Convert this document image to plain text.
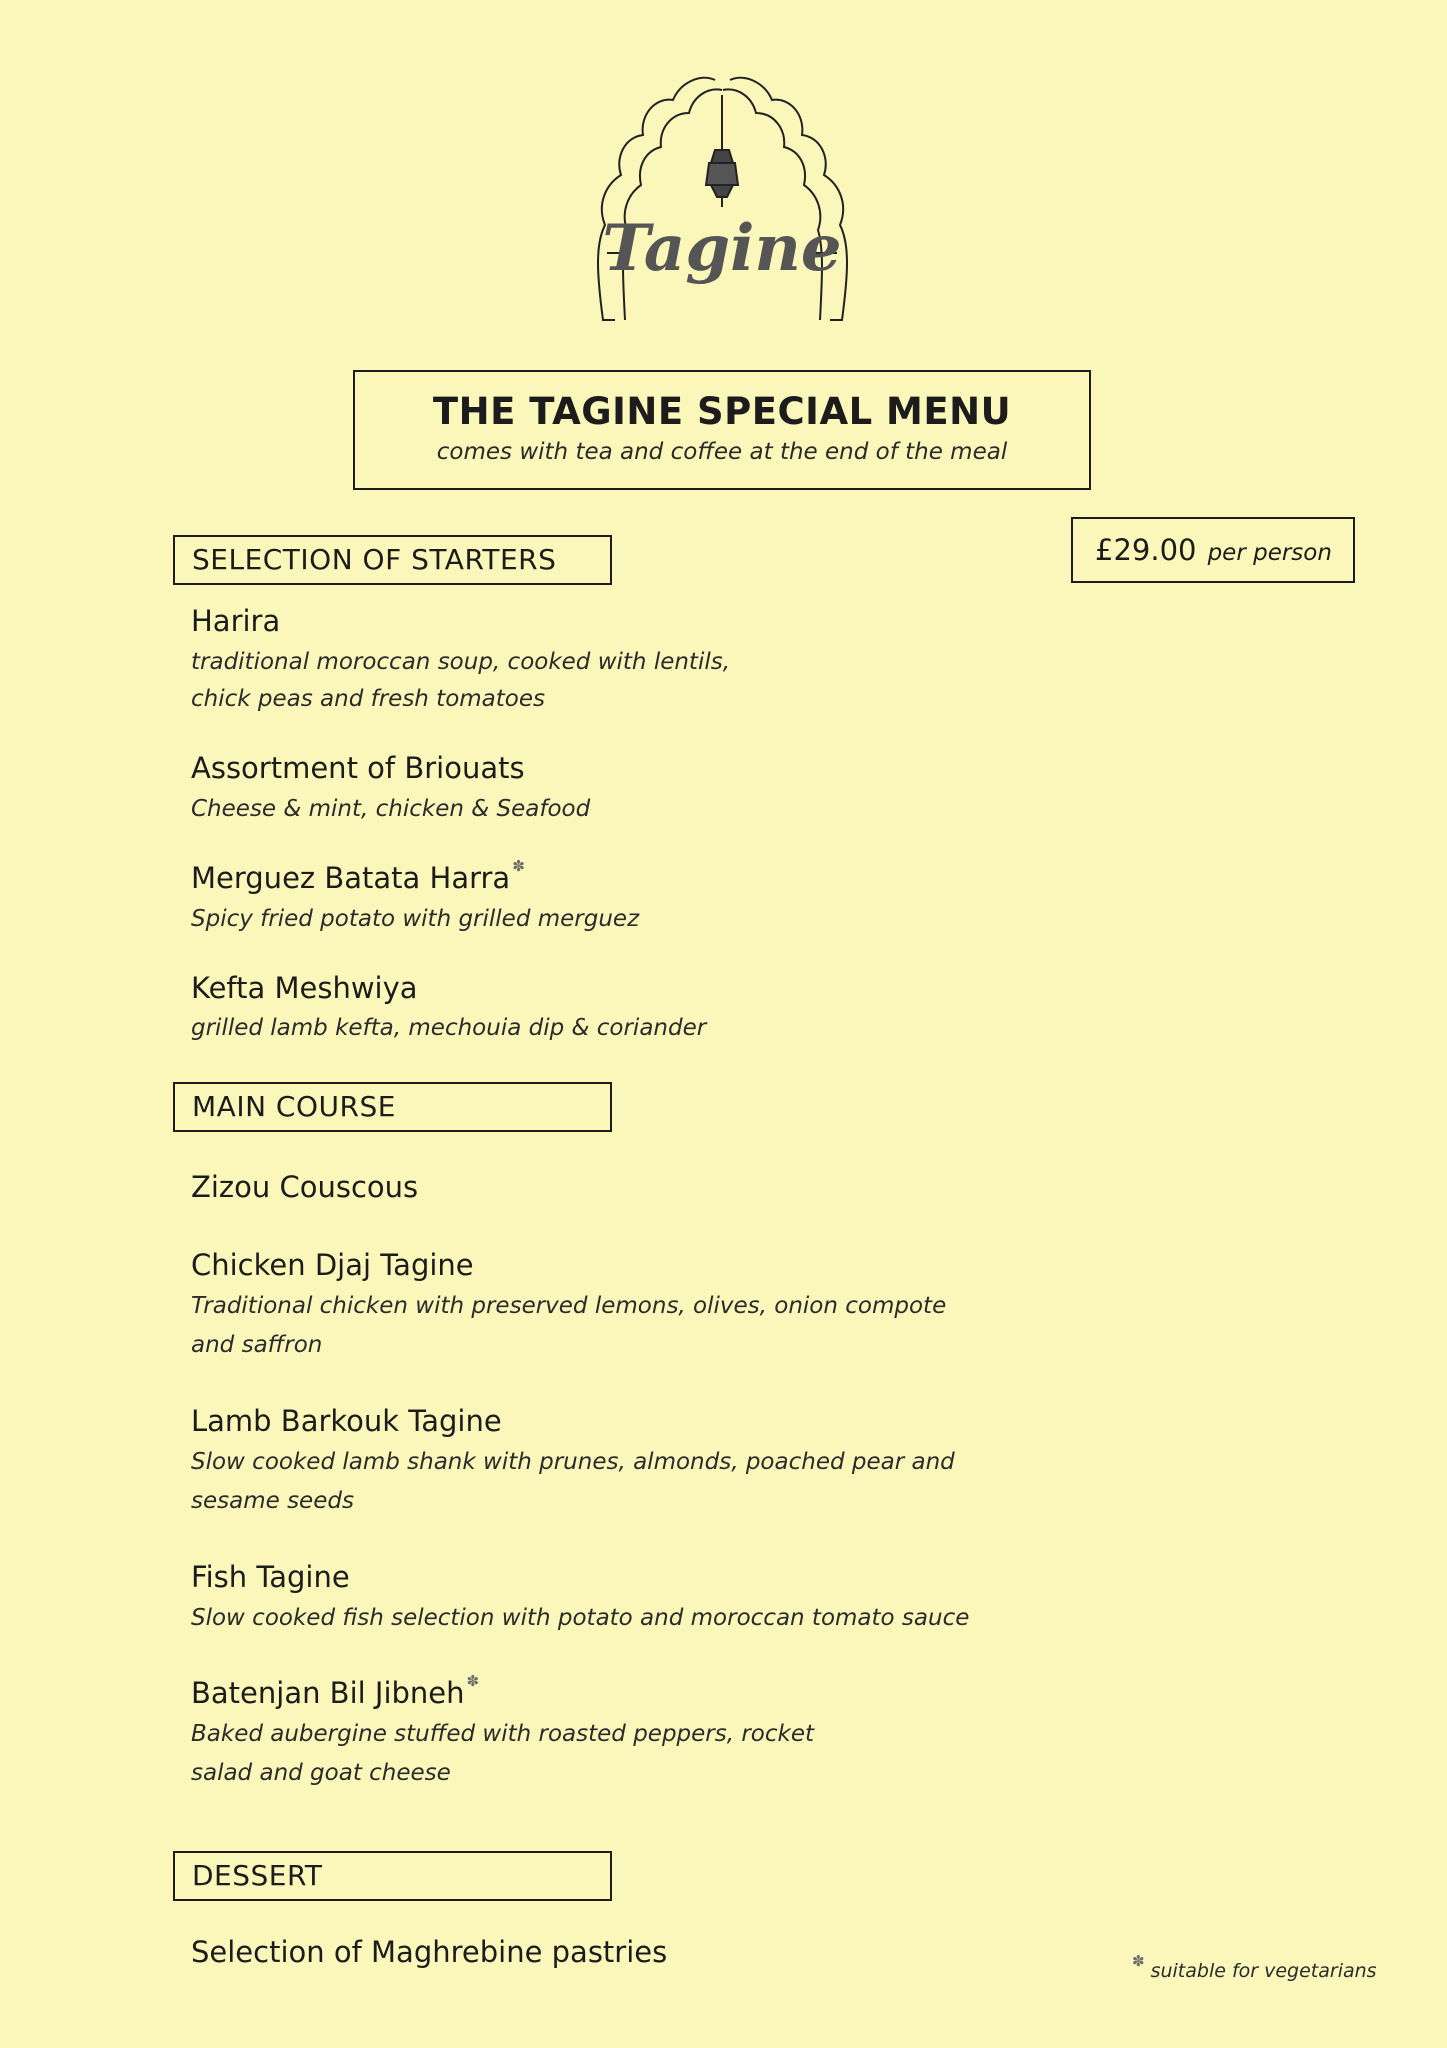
Tagine
THE TAGINE SPECIAL MENU
comes with tea and coffee at the end of the meal
£29.00 per person
SELECTION OF STARTERS
Harira
traditional moroccan soup, cooked with lentils,
chick peas and fresh tomatoes
Assortment of Briouats
Cheese & mint, chicken & Seafood
Merguez Batata Harra ✽
Spicy fried potato with grilled merguez
Kefta Meshwiya
grilled lamb kefta, mechouia dip & coriander
MAIN COURSE
Zizou Couscous
Chicken Djaj Tagine
Traditional chicken with preserved lemons, olives, onion compote
and saffron
Lamb Barkouk Tagine
Slow cooked lamb shank with prunes, almonds, poached pear and
sesame seeds
Fish Tagine
Slow cooked fish selection with potato and moroccan tomato sauce
Batenjan Bil Jibneh ✽
Baked aubergine stuffed with roasted peppers, rocket
salad and goat cheese
DESSERT
Selection of Maghrebine pastries	✽ suitable for vegetarians
